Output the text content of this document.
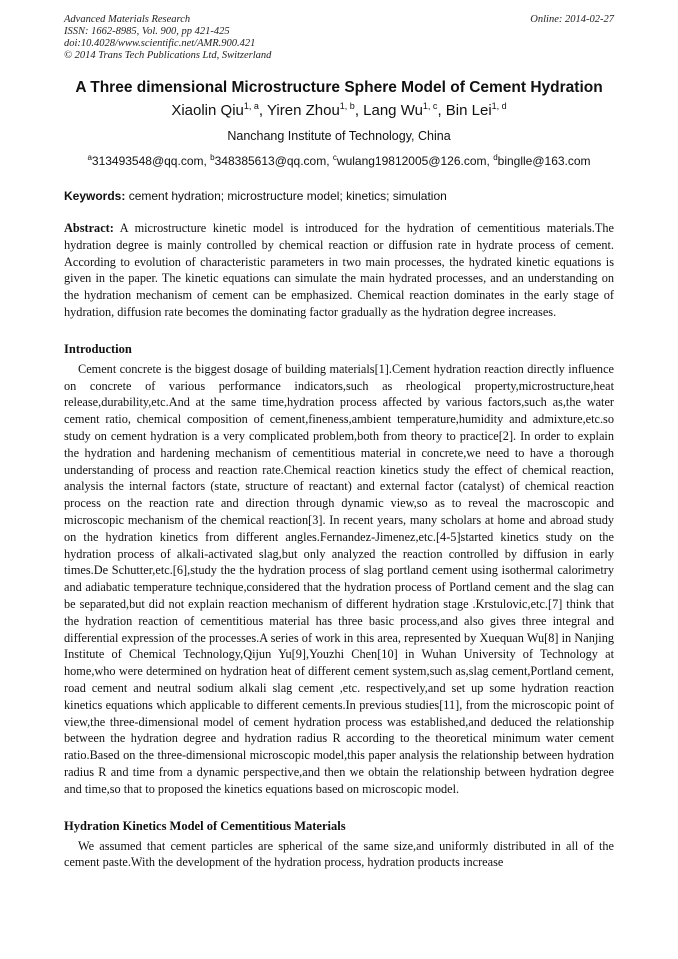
Advanced Materials Research
ISSN: 1662-8985, Vol. 900, pp 421-425
doi:10.4028/www.scientific.net/AMR.900.421
© 2014 Trans Tech Publications Ltd, Switzerland
Online: 2014-02-27
A Three dimensional Microstructure Sphere Model of Cement Hydration
Xiaolin Qiu$^{1, a}$, Yiren Zhou$^{1, b}$, Lang Wu$^{1, c}$, Bin Lei$^{1, d}$
Nanchang Institute of Technology, China
$^a$313493548@qq.com, $^b$348385613@qq.com, $^c$wulang19812005@126.com, $^d$binglle@163.com
Keywords: cement hydration; microstructure model; kinetics; simulation
Abstract: A microstructure kinetic model is introduced for the hydration of cementitious materials.The hydration degree is mainly controlled by chemical reaction or diffusion rate in hydrate process of cement. According to evolution of characteristic parameters in two main processes, the hydrated kinetic equations is given in the paper. The kinetic equations can simulate the main hydrated processes, and an understanding on the hydration mechanism of cement can be emphasized. Chemical reaction dominates in the early stage of hydration, diffusion rate becomes the dominating factor gradually as the hydration degree increases.
Introduction
Cement concrete is the biggest dosage of building materials[1].Cement hydration reaction directly influence on concrete of various performance indicators,such as rheological property,microstructure,heat release,durability,etc.And at the same time,hydration process affected by various factors,such as,the water cement ratio, chemical composition of cement,fineness,ambient temperature,humidity and admixture,etc.so study on cement hydration is a very complicated problem,both from theory to practice[2]. In order to explain the hydration and hardening mechanism of cementitious material in concrete,we need to have a thorough understanding of process and reaction rate.Chemical reaction kinetics study the effect of chemical reaction, analysis the internal factors (state, structure of reactant) and external factor (catalyst) of chemical reaction process on the reaction rate and direction through dynamic view,so as to reveal the macroscopic and microscopic mechanism of the chemical reaction[3]. In recent years, many scholars at home and abroad study on the hydration kinetics from different angles.Fernandez-Jimenez,etc.[4-5]started kinetics study on the hydration process of alkali-activated slag,but only analyzed the reaction controlled by diffusion in early times.De Schutter,etc.[6],study the the hydration process of slag portland cement using isothermal calorimetry and adiabatic temperature technique,considered that the hydration process of Portland cement and the slag can be separated,but did not explain reaction mechanism of different hydration stage .Krstulovic,etc.[7] think that the hydration reaction of cementitious material has three basic process,and also gives three integral and differential expression of the processes.A series of work in this area, represented by Xuequan Wu[8] in Nanjing Institute of Chemical Technology,Qijun Yu[9],Youzhi Chen[10] in Wuhan University of Technology at home,who were determined on hydration heat of different cement system,such as,slag cement,Portland cement, road cement and neutral sodium alkali slag cement ,etc. respectively,and set up some hydration reaction kinetics equations which applicable to different cements.In previous studies[11], from the microscopic point of view,the three-dimensional model of cement hydration process was established,and deduced the relationship between the hydration degree and hydration radius R according to the theoretical minimum water cement ratio.Based on the three-dimensional microscopic model,this paper analysis the relationship between hydration radius R and time from a dynamic perspective,and then we obtain the relationship between hydration degree and time,so that to proposed the kinetics equations based on microscopic model.
Hydration Kinetics Model of Cementitious Materials
We assumed that cement particles are spherical of the same size,and uniformly distributed in all of the cement paste.With the development of the hydration process, hydration products increase
